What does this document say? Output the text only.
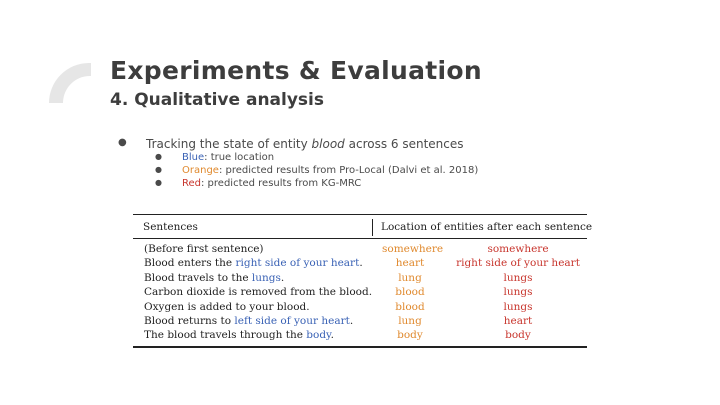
Experiments & Evaluation
4. Qualitative analysis
● Tracking the state of entity blood across 6 sentences
● Blue: true location
● Orange: predicted results from Pro-Local (Dalvi et al. 2018)
● Red: predicted results from KG-MRC
Sentences	Location of entities after each sentence
(Before first sentence)	somewhere	somewhere
Blood enters the right side of your heart.	heart	right side of your heart
Blood travels to the lungs.	lung	lungs
Carbon dioxide is removed from the blood.	blood	lungs
Oxygen is added to your blood.	blood	lungs
Blood returns to left side of your heart.	lung	heart
The blood travels through the body.	body	body
